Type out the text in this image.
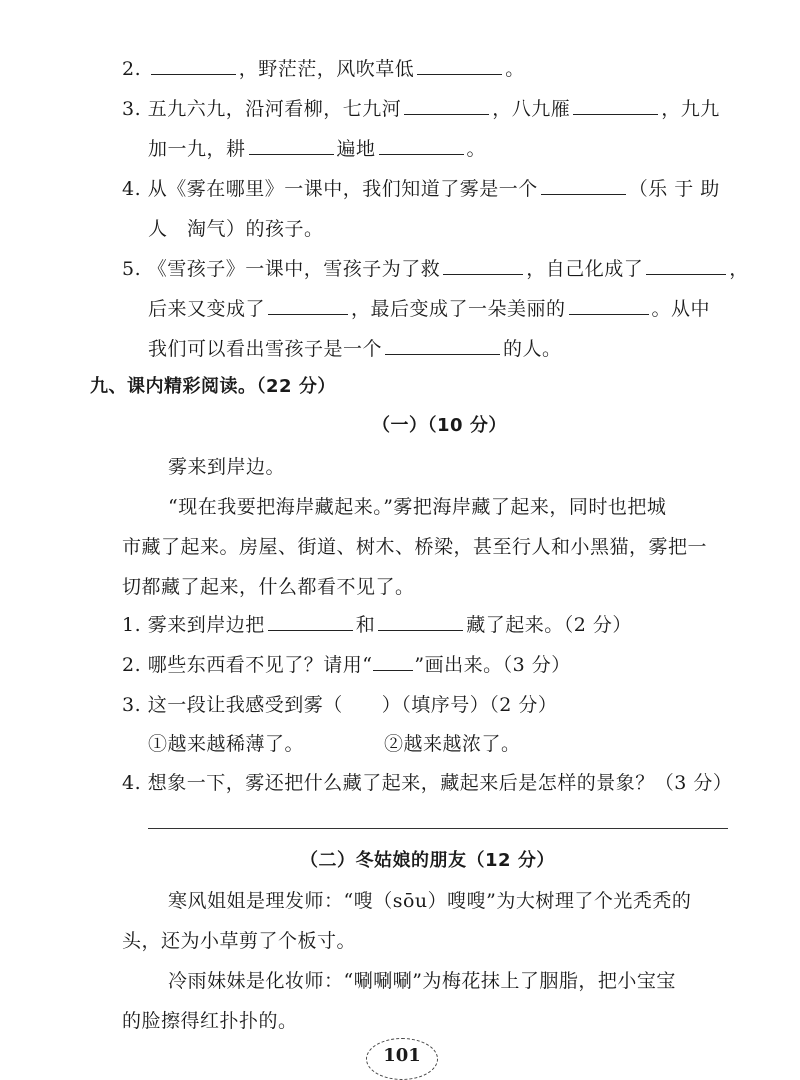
2.	，野茫茫，风吹草低	。
3. 五九六九，沿河看柳，七九河	，八九雁	，九九
加一九，耕	遍地	。
4. 从《雾在哪里》一课中，我们知道了雾是一个	（乐 于 助
人　淘气）的孩子。
5. 《雪孩子》一课中，雪孩子为了救	，自己化成了	，
后来又变成了	，最后变成了一朵美丽的	。从中
我们可以看出雪孩子是一个	的人。
九、课内精彩阅读。（22 分）
（一）（10 分）
雾来到岸边。
“现在我要把海岸藏起来。”雾把海岸藏了起来，同时也把城
市藏了起来。房屋、街道、树木、桥梁，甚至行人和小黑猫，雾把一
切都藏了起来，什么都看不见了。
1. 雾来到岸边把	和	藏了起来。（2 分）
2. 哪些东西看不见了？请用“ ”画出来。（3 分）
3. 这一段让我感受到雾（　　）（填序号）（2 分）
①越来越稀薄了。	②越来越浓了。
4. 想象一下，雾还把什么藏了起来，藏起来后是怎样的景象？（3 分）
（二）冬姑娘的朋友（12 分）
寒风姐姐是理发师：“嗖（sōu）嗖嗖”为大树理了个光秃秃的
头，还为小草剪了个板寸。
冷雨妹妹是化妆师：“唰唰唰”为梅花抹上了胭脂，把小宝宝
的脸擦得红扑扑的。
101
